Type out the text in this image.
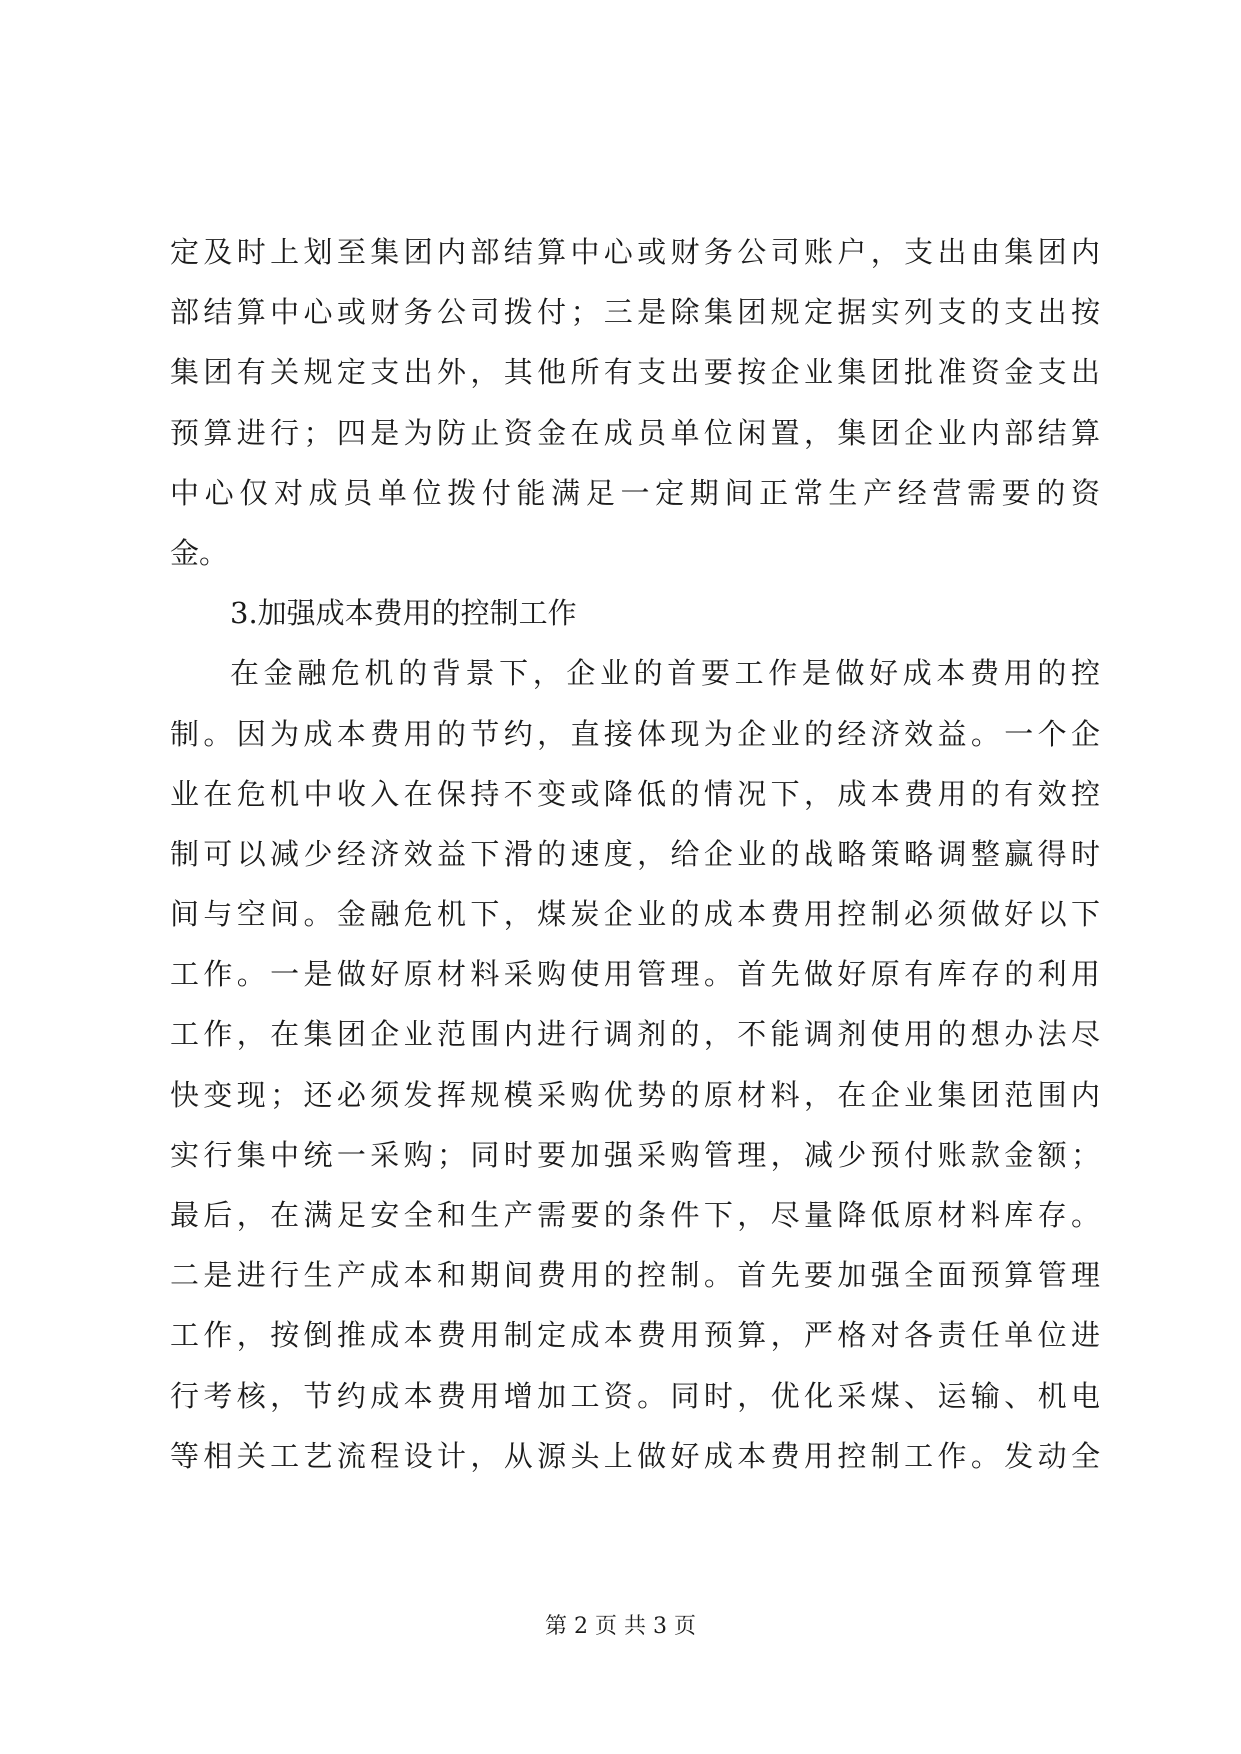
定及时上划至集团内部结算中心或财务公司账户，支出由集团内
部结算中心或财务公司拨付；三是除集团规定据实列支的支出按
集团有关规定支出外，其他所有支出要按企业集团批准资金支出
预算进行；四是为防止资金在成员单位闲置，集团企业内部结算
中心仅对成员单位拨付能满足一定期间正常生产经营需要的资
金。
3.加强成本费用的控制工作
在金融危机的背景下，企业的首要工作是做好成本费用的控
制。因为成本费用的节约，直接体现为企业的经济效益。一个企
业在危机中收入在保持不变或降低的情况下，成本费用的有效控
制可以减少经济效益下滑的速度，给企业的战略策略调整赢得时
间与空间。金融危机下，煤炭企业的成本费用控制必须做好以下
工作。一是做好原材料采购使用管理。首先做好原有库存的利用
工作，在集团企业范围内进行调剂的，不能调剂使用的想办法尽
快变现；还必须发挥规模采购优势的原材料，在企业集团范围内
实行集中统一采购；同时要加强采购管理，减少预付账款金额；
最后，在满足安全和生产需要的条件下，尽量降低原材料库存。
二是进行生产成本和期间费用的控制。首先要加强全面预算管理
工作，按倒推成本费用制定成本费用预算，严格对各责任单位进
行考核，节约成本费用增加工资。同时，优化采煤、运输、机电
等相关工艺流程设计，从源头上做好成本费用控制工作。发动全
第 2 页 共 3 页
